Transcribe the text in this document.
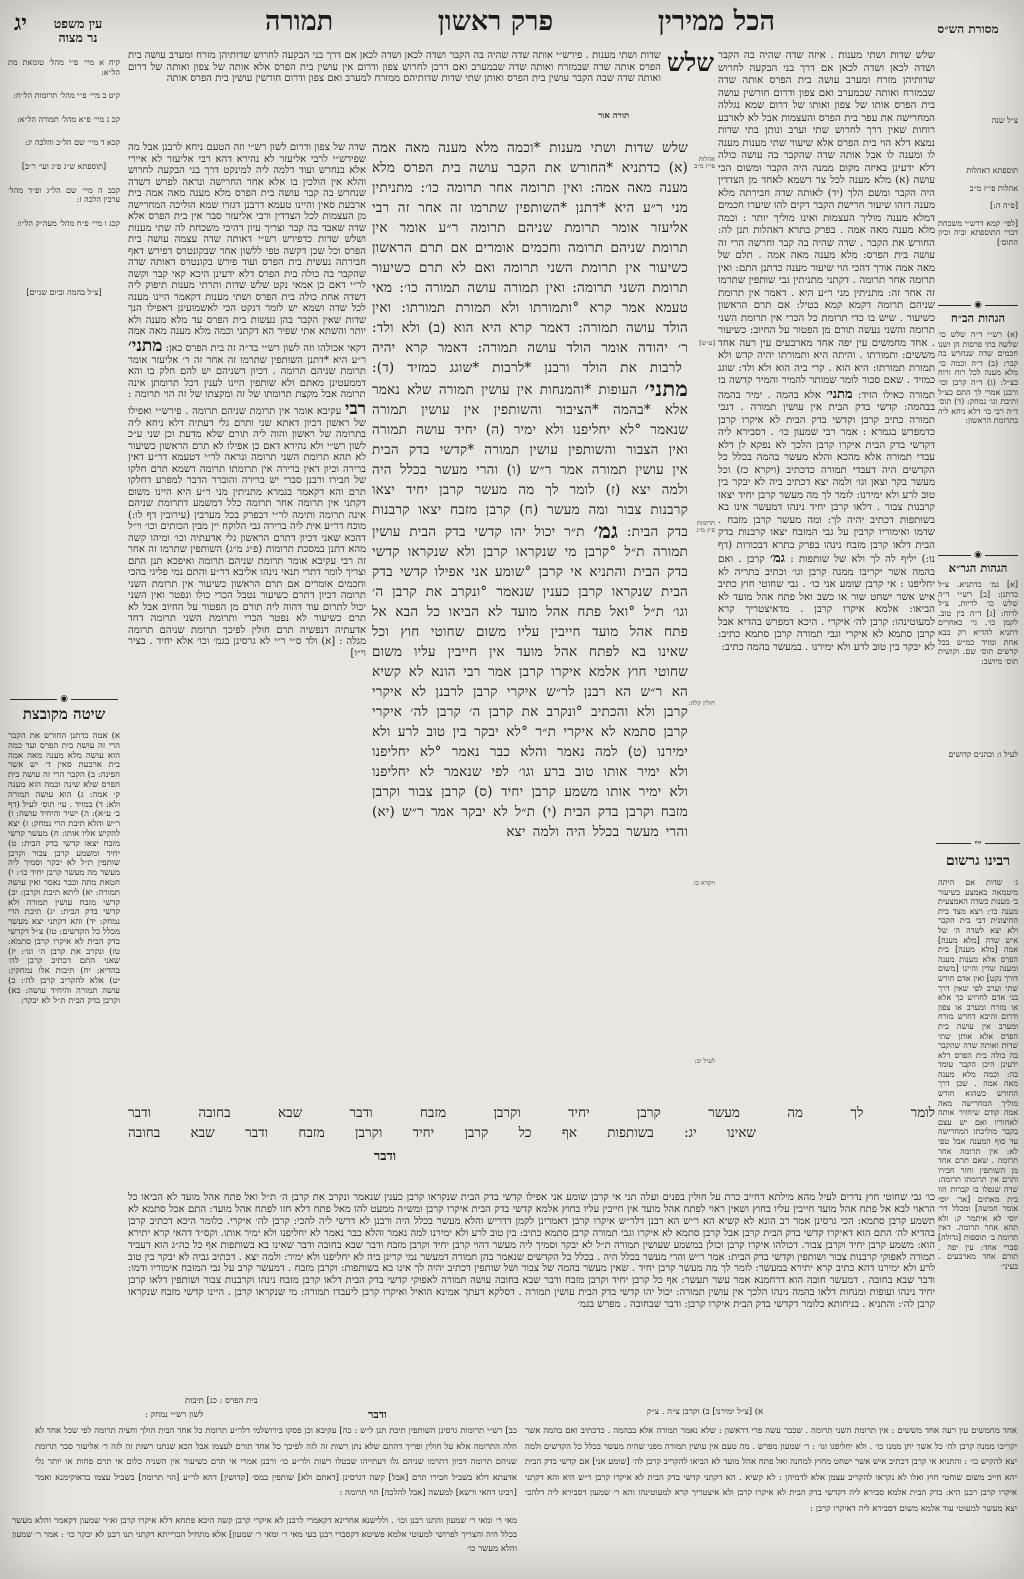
יג	עין משפט
נר מצוה
הכל ממירין
פרק ראשון
תמורה	מסורת הש״ס

קיח א מיי׳ פ״י מהל׳ טומאת מת הל״א:

קיט ב מיי׳ פ״י מהל׳ תרומות הל״ח:

קכ ג מיי׳ פ״א מהל׳ תמורה הל״א:

קכא ד מיי׳ שם הל״ב והלכה יג:

[תוספתא ש״ג פ״ג ועי׳ ר״ב]

קכב ה מיי׳ שם הל״ג ופ״ד מהל׳ ערכין הלכה ז:

קכג ו מיי׳ פ״ח מהל׳ מעה״ק הל״ו:

[צ״ל בהמה וביום שניים]

◉
שיטה מקובצת
א) אמה כדתנן החורש את הקבר הרי זה עושה בית הפרס ועד כמה הוא עושה מלא מענה מאה אמה בית ארבעת סאין ד׳ יש אשר הפינה: ב) הקבר הרי זה עושה בית הפרס שלא שינה וכמה הוא מענה ק׳ אמה: ג) הוא עושה תמורה ולא: ד) במזיד . עי׳ תוס׳ לעיל (דף ב׳ ע״א): ה) ישיר והיחיד עושה: ו) ר״ש והלא תיבת הרי נמחק: ז) יצא להקיש אליו אותו: ח) מעשר קדשי מזבח יצאו קדשי בדק הבית: ט) יחיד ומשמע קרבן צבור וקרבן שותפין ת״ל לא יבקר וסמיך ליה מעשר מה מעשר קרבן יחיד כו׳: י) חטאת מתה וכבר נאסר ואין עושה תמורה: יא) ליתא תיבת וקרבן: יב) קדשי מזבח עושין תמורה ולא קדשי בדק הבית: יג) תיבת הרי נמחק: יד) והא דקתני יצא מעשר מכלל כל הקדשים: טו) צ״ל דקדשי בדק הבית לא איקרו קרבן סתמא: טז) ונקרב את קרבן ה׳ וגו׳: יז) שאני התם דכתיב קרבן לה׳ בהדיא: יח) תיבות אלו נמחקין: יט) אלא להקריב קרבן לה׳: כ) עושה תמורה והיחיד עושה: כא) וקרבן בדק הבית ת״ל לא יבקר:
שלש
שדות ושתי מענות . פירש״י אותה שדה שהיה בה הקבר ושדה לכאן ושדה לכאן אם דרך בני הבקעה לחרוש שדותיהן מזרח ומערב עושה בית הפרס אותה שדה שבמזרח ואותה שדה שבמערב ואם דרכן לחרוש צפון ודרום אין עושין בית הפרס אלא אותה של צפון ואותה של דרום ואותה שדה שבה הקבר עושין בית הפרס ואותן שתי שדות שדותיהם ממזרח למערב ואם צפון ודרום חורשין עושין בית הפרס אותה
תורה אור
שדה של צפון ודרום לשון רש״י וזה הטעם ניחא לרבנן אבל מה שפירש״י לרבי אליעזר לא נהירא דהא רבי אליעזר לא איירי אלא בנחרש ועוד דלמה ליה למינקט דרך בני הבקעה לחרוש והלא אין הולכין בו אלא אחר החרישה ונראה לפרש דשדה שנחרש בה קבר עושה בית הפרס מלא מענה מאה אמה בית ארבעת סאין והיינו טעמא דרבנן דגזרו שמא הוליכה המחרישה מן העצמות לכל הצדדין ורבי אליעזר סבר אין בית הפרס אלא שדה שאבד בה קבר וצריך עיון דהיכי משכחת לה שתי מענות ושלש שדות כדפירש רש״י דאותה שדה עצמה עושה בית הפרס וכל שכן דקשה טפי ללשון אחר שבקונטרס דפירש דאף חבירתה נעשית בית הפרס ועוד פירש בקונטרס דאותה שדה שהקבר בה כולה בית הפרס דלא ידעינן היכא קאי קבר וקשה לר״י דאם כן אמאי נקט שלש שדות ותרתי מענות תיפוק ליה דשדה אחת כולה בית הפרס ושתי מענות דקאמר היינו מענה לכל שדה ושמא יש לומר דנקט הכי לאשמועינן דאפילו הנך שדות שאין הקבר בהן נעשות בית הפרס עד מלא מענה ולא יותר והשתא אתי שפיר הא דקתני וכמה מלא מענה מאה אמה דקאי אכולהו וזה לשון רש״י בד״ה זה בית הפרס כאן: מתני׳ ר״ע היא *דתנן השותפין שתרמו זה אחר זה ר׳ אליעזר אומר תרומת שניהם תרומה . דכיון דשניהם יש להם חלק בו והא דממעטינן מאתם ולא שותפין היינו לענין דכל תרומתן אינה תרומה אבל מקצת תרומתו של זה ומקצתו של זה הוי תרומה : רבי עקיבא אומר אין תרומת שניהם תרומה . פירש״י ואפילו של ראשון דכיון דאתא שני ותרם גלי דעתיה דלא ניחא ליה בתרומה של ראשון והוה ליה תורם שלא מדעת וכן שני ע״כ לשון רש״י ולא נהירא דאם כן אפילו לא תרם הראשון כשיעור לא תהא תרומת השני תרומה ונראה לר״י דטעמא דר״ע דאין ברירה וכיון דאין ברירה אין תרומתו תרומה דשמא תרם חלקו של חבירו ורבנן סברי יש ברירה והוברר הדבר למפרע דחלקו תרם והא דקאמר בגמרא מתניתין מני ר״ע היא היינו משום דקתני אין תרומה אחר תרומה כלל דמשמע דתרומת שניהם אינה תרומה ותימה לר״י דבפרק בכל מערבין (עירובין דף לו:) מוכח דר״ע אית ליה ברירה גבי הלוקח יין מבין הכותים וכו׳ וי״ל דהכא שאני דכיון דתרם הראשון גלי אדעתיה וכו׳ ומיהו קשה מהא דתנן במסכת תרומות (פ״ג מ״ג) השותפין שתרמו זה אחר זה רבי עקיבא אומר תרומת שניהם תרומה ואיפכא תנן התם וצריך לומר דתרי תנאי נינהו אליבא דר״ע והתם נמי פליגי בהכי וחכמים אומרים אם תרם הראשון כשיעור אין תרומת השני תרומה דכיון דתרם כשיעור נטבל הכרי כולו ונפטר ואין השני יכול לתרום עוד דהוה ליה תורם מן הפטור על החיוב אבל לא תרם כשיעור לא נפטר הכרי ותרומת השני תרומה דחד אדעתיה דנפשיה תרם חולין לפיכך תרומת שניהם תרומה מגלה : [א) ולד ס״י ר״י לא גרסינן בגמ׳ וכו׳ אלא יחיד . בציר וי״ו]
שלש שדות ושתי מענות *וכמה מלא מענה מאה אמה (א) כדתניא *החורש את הקבר עושה בית הפרס מלא מענה מאה אמה: ואין תרומה אחר תרומה כו׳: מתניתין מני ר״ע היא *דתנן *השותפין שתרמו זה אחר זה רבי אליעזר אומר תרומת שניהם תרומה ר״ע אומר אין תרומת שניהם תרומה וחכמים אומרים אם תרם הראשון כשיעור אין תרומת השני תרומה ואם לא תרם כשיעור תרומת השני תרומה: ואין תמורה עושה תמורה כו׳: מאי טעמא אמר קרא °ותמורתו ולא תמורת תמורתו: ואין הולד עושה תמורה: דאמר קרא היא הוא (ב) ולא ולד: ר׳ יהודה אומר הולד עושה תמורה: דאמר קרא יהיה לרבות את הולד ורבנן *לרבות *שוגג כמזיד (ד): מתני׳ העופות *והמנחות אין עושין תמורה שלא נאמר אלא *בהמה *הציבור והשותפין אין עושין תמורה שנאמר °לא יחליפנו ולא ימיר (ה) יחיד עושה תמורה ואין הצבור והשותפין עושין תמורה *קדשי בדק הבית אין עושין תמורה אמר ר״ש (ו) והרי מעשר בכלל היה ולמה יצא (ז) לומר לך מה מעשר קרבן יחיד יצאו קרבנות צבור ומה מעשר (ח) קרבן מזבח יצאו קרבנות בדק הבית: גמ׳ ת״ר יכול יהו קדשי בדק הבית עושין תמורה ת״ל °קרבן מי שנקראו קרבן ולא שנקראו קדשי בדק הבית והתניא אי קרבן °שומע אני אפילו קדשי בדק הבית שנקראו קרבן כענין שנאמר °ונקרב את קרבן ה׳ וגו׳ ת״ל °ואל פתח אהל מועד לא הביאו כל הבא אל פתח אהל מועד חייבין עליו משום שחוטי חוץ וכל שאינו בא לפתח אהל מועד אין חייבין עליו משום שחוטי חוץ אלמא איקרו קרבן אמר רבי הונא לא קשיא הא ר״ש הא רבנן לר״ש איקרי קרבן לרבנן לא איקרי קרבן ולא והכתיב °ונקרב את קרבן ה׳ קרבן לה׳ איקרי קרבן סתמא לא איקרי ת״ר °לא יבקר בין טוב לרע ולא ימירנו (ט) למה נאמר והלא כבר נאמר °לא יחליפנו ולא ימיר אותו טוב ברע וגו׳ לפי שנאמר לא יחליפנו ולא ימיר אותו משמע קרבן יחיד (ס) קרבן צבור וקרבן מזבח וקרבן בדק הבית (י) ת״ל לא יבקר אמר ר״ש (יא) והרי מעשר בכלל היה ולמה יצא
לומר לך מה מעשר קרבן יחיד וקרבן מזבח ודבר שבא בחובה ודבר
שאינו יג: בשותפות אף כל קרבן יחיד וקרבן מזבח ודבר שבא בחובה
ודבר
אהלות פי״ז מ״ב
[ע״ש]
תרומות פ״ג מ״ג
חולין קלה:
ויקרא כז
לעיל יב:
שלש שדות ושתי מענות . איזה שדה שהיה בה הקבר ושדה לכאן ושדה לכאן אם דרך בני הבקעה לחרוש שדותיהן מזרח ומערב עושה בית הפרס אותה שדה שבמזרח ואותה שבמערב ואם צפון ודרום חורשין עושה בית הפרס אותו של צפון ואותו של דרום שמא נגללה המחרישה את עפר בית הפרס והעצמות אבל לא לארבע רוחות שאין דרך לחרוש שתי וערב ונותן בתי שדות נמצא דלא הוי בית הפרס אלא שיעור שתי מענות מענה לו ומענה לו אבל אותה שדה שהקבר בה עושה כולה דלא ידעינן באיזה מקום ממנה היה הקבר ומשום הכי עושה (א) מלא מענה לכל צד דשמא לאחד מן הצדדין היה הקבר ומשם הלך (יד) לאותה שדה חבירתה מלא מענה דזהו שיעור חרישת הקבר דקים להו שיערו חכמים דמלא מענה מוליך העצמות ואינו מוליך יותר : וכמה מלא מענה מאה אמה . בפרק בתרא דאהלות תנן לה: החורש את הקבר . שדה שהיה בה קבר וחרשה הרי זה עושה בית הפרס: מלא מענה מאה אמה . תלם של מאה אמה אורך דהכי הוי שיעור מענה כדתנן התם: ואין תרומה אחר תרומה . דקתני מתניתין גבי שותפין שתרמו זה אחר זה: מתניתין מני ר״ע היא . דאמר אין תרומת שניהם תרומה דקמא קמא בטיל: אם תרם הראשון כשיעור . שיש בו כדי תרומת כל הכרי אין תרומת השני תרומה והשני נעשה תורם מן הפטור על החיוב: כשיעור . אחד מחמשים עין יפה אחד מארבעים עין רעה אחד מששים: ותמורתו . והיתה היא ותמורתו יהיה קדש ולא תמורת תמורתו: היא הוא . קרי ביה הוא ולא ולד: שוגג כמזיד . שאם סבור לומר שמותר להמיר והמיר קדשה בו תמורה כאילו הזיד: מתני׳ אלא בהמה . ימיר בהמה בבהמה: קדשי בדק הבית אין עושין תמורה . דגבי תמורה כתיב קרבן וקדשי בדק הבית לא איקרו קרבן כדמפרש בגמרא : אמר רבי שמעון כו׳ . דסבירא ליה דקדשי בדק הבית איקרו קרבן הלכך לא נפקא לן דלא עבדי תמורה אלא מהכא והלא מעשר בהמה בכלל כל הקדשים היה דעבדי תמורה כדכתיב (ויקרא כז) וכל מעשר בקר וצאן וגו׳ ולמה יצא דכתיב ביה לא יבקר בין טוב לרע ולא ימירנו: לומר לך מה מעשר קרבן יחיד יצאו קרבנות צבור . דלאו קרבן יחיד נינהו דמעשר אינו בא בשותפות דכתיב יהיה לך: ומה מעשר קרבן מזבח . שדמו ואימוריו קרבין על גבי המזבח יצאו קרבנות בדק הבית דלאו קרבן מזבח נינהו בפרק בתרא דבכורות (דף נו:) יליף לה לך ולא של שותפות : גמ׳ קרבן . ואם בהמה אשר יקריבו ממנה קרבן וגו׳ וכתיב בתריה לא יחליפנו : אי קרבן שומע אני כו׳ . גבי שחוטי חוץ כתיב איש אשר ישחט שור או כשב ואל פתח אהל מועד לא הביאו: אלמא איקרו קרבן . מדאיצטריך קרא למעוטינהו: קרבן לה׳ איקרי . היכא דמפרש בהדיא אבל קרבן סתמא לא איקרי וגבי תמורה קרבן סתמא כתיב: לא יבקר בין טוב לרע ולא ימירנו . במעשר בהמה כתיב:
צ״ל שנה

תוספתא דאהלות

אהלות פי״ז מ״ב

[פ״ה ה:]

[לפי׳ קמא דרש״י משכחת דברי התוספתא וביה וכיון התוס׳]

◉
הגהות הב״ח
(א) רש״י ד״ה שלש כו׳ שלשה בתי פרסות הן ושנו חכמים שדה שנחרש בה קבר: (ב) ד״ה וכמה כו׳ מלא מענה לכל רוח ורוח כצ״ל: (ג) ד״ה קרבן וכו׳ ורבנן אמרי לך התם כצ״ל ותיבת וגו׳ נמחק: (ד) תוס׳ ד״ה רבי כו׳ דלא ניחא ליה בתרומת הראשון:
◉
הגהות הגר״א
[א] גמ׳ כדתניא. צ״ל כדתנן: [ב] רש״י ד״ה שלש כו׳ לריות. צ״ל לרוח: [ג] ד״ה בין טוב. לקמן כו׳. גי׳ כאחרים דתניא להדיא רק בבא אחת ומזיד כמ״ש בכל קדשים תוס׳ שם. וקושית תוס׳ מיושב:
לעיל ו: וכהנים קדושים
∾
רבינו גרשום
ג׳ שדות אם היתה מיטמאה באמצע כשיעור ב׳ מענות כשדה האמצעית מענה כו׳: ויצא מצד בית החיצונית דבי בית הקבר ולא יצא לשדה ה׳ של איש שדה [מלא מענה] אמה [מלא מענה] בית הפרס אלא מענות מענה ומענה שדין והיינו [משום דורך נקט] ואין אדם חורש שתי וערב לפי שאין דרך בני אדם לחרוש כך אלא או מזרח ומערב או צפון ודרום והיכא דחרש מזרח ומערב אין עושה בית הפרס אלא אותן שתי שדות ואותה שדה שהקבר בה כולה בית הפרס דלא ידעינן היכן הקבר עומד בה: וכמה מלא מענה מאה אמה . שכן דרך החורש כשהוא חורש מוליך המחרישה מאה אמה קודם שיחזיר אותה לאחוריו ואם יש עצם בקבר מוליכתו המחרישה עד סוף המענה אבל טפי לא: אין תרומה אחר תרומה . שאם תרם אחד מן השותפין וחזר חבירו ותרם אין תרומתו תרומה: שדה שנפלו בו קברות הוו בית מאתים [אר׳ יוסי אומר חמשה] ומכלל דר׳ יוסי לא איתמר ק: ולא תהא אחר תרומה. דאין תרומה ב׳ תוספות [גדולה] סברי אחד: עין יפה . תורם אחד מארבעים . בעיני׳
כו׳ גבי שחוטי חוץ נדרים לעיל מהא מילתא דחייב כרת על חולין בפנים ועלה תני אי קרבן שומע אני אפילו קדשי בדק הבית שנקראו קרבן כענין שנאמר ונקרב את קרבן ה׳ ת״ל ואל פתח אהל מועד לא הביאו כל הראוי לבא אל פתח אהל מועד חייבין עליו בחוץ ושאין ראוי לפתח אהל מועד אין חייבין עליו בחוץ אלמא קדשי בדק הבית איקרו קרבן ומש״ה ממעט להו מאל פתח דלא חזו לפתח אהל מועד: התם אכל סתמא לא תשמע קרבן סתמא: הכי גרסינן אמר רב הונא לא קשיא הא ר״ש הא רבנן דלר״ש איקרו קרבן דאמרינן לקמן דדריש והלא מעשר בכלל היה ורבנן לא דרשי ליה להכי: קרבן לה׳ איקרי. כלומר היכא דכתיב קרבן בהדיא לה׳ התם הוא דאיקרו קדשי בדק הבית קרבן אבל קרבן סתמא לא איקרו וגבי תמורה קרבן סתמא כתיב: בין טוב לרע ולא ימירנו למה נאמר והלא כבר נאמר לא יחליפנו ולא ימיר אותו. וקס״ד דהאי קרא יתירא הוא: משמע קרבן יחיד וקרבן צבור. דכולהו איקרו קרבן וכולן במשמע שעושין תמורה ת״ל לא יבקר וסמיך ליה מעשר דהוי קרבן יחיד וקרבן מזבח ודבר שבא בחובה ודבר שאינו בא בשותפות אף כל כה״ג הוא דעביד תמורה לאפוקי קרבנות צבור ושותפין וקדשי בדק הבית: אמר ר״ש והרי מעשר בכלל היה . בכלל כל הקדשים שנאמר בהן תמורה דמעשר נמי קרינן ביה לא יחליפנו ולא ימיר: ולמה יצא . דכתיב גביה לא יבקר בין טוב לרע ולא ימירנו דהא כתיב קרא יתירא במעשר: לומר לך מה מעשר קרבן יחיד . שאין מעשר בהמה של צבור ושל שותפין דכתיב יהיה לך אינו בא בשותפות: וקרבן מזבח . דמעשר קרב על גבי המזבח אימוריו ודמו: ודבר שבא בחובה . דמעשר חובה הוא דרחמנא אמר עשר תעשר: אף כל קרבן יחיד וקרבן מזבח ודבר שבא בחובה עושה תמורה לאפוקי קדשי בדק הבית דלאו קרבן מזבח נינהו וקרבנות צבור ושותפין דלאו קרבן יחיד נינהו ועופות ומנחות דלאו בהמה נינהו הלכך אין עושין תמורה: יכול יהו קדשי בדק הבית עושין תמורה . דסלקא דעתך אמינא הואיל ואיקרו קרבן ליעבדו תמורה: מי שנקראו קרבן . היינו קדשי מזבח שנקראו קרבן לה׳: והתניא . בניחותא כלומר דקדשי בדק הבית איקרו קרבן: ודבר שבחובה . מפרש בגמ׳
בית הפרס : כג] תיבות
לשון רש״י נמחק :	ודבר	א) [צ״ל ימירנו] ב) וקרבן צ״ה . צ״ק
כב] רש״י תרומות גרסינן השותפין תיבת תנן ל״ש : כה] עקיבא וכן פסקו בירושלמי דלר״ע תרומת כל אחד הבית הולך וחציה תרומה לפי שכל אחד לא חלה התרומה אלא על חולין ופריך דהתם שלא נתן רשות זה לזה לפיכך כל אחד תורם לעצמו אבל הכא שנתנו רשות זה לזה ר׳ אליעזר סבר תרומת שניהם תרומה דכיון דתרמו שניהם גלו דעתייהו שבטלו רשות ולר״ע כו׳ ורבנן אמרי אי תרם כשיעור אין השניה כלום אי תרם פחות או יותר גלי אדעתא דלא בשביל חבירו תרם [אבל] קשה דגרסינן [דאתם ולא] שותפין במס׳ [קדושין] דהא לר״ע [הוי תרומה] בשביל עצמו כדאוקימנא ואמר [רבינו דהאי ורשא] למעשה [אבל להלכה] הוי תרומה :
אחד מחמשים עין רעה אחד מששים : אין תרומת השני תרומה . שכבר עשה פרי דראשון : שלא נאמר תמורה אלא בבהמה . כדכתיב ואם בהמה אשר יקריבו ממנה קרבן לה׳ כל אשר יתן ממנו כו׳ . ולא יחליפנו וגו׳ : ר׳ שמעון מפרש . מה טעם אין עושין תמורה מפני שהיה מעשר בכלל כל הקדשים ולמה יצא להקיש כו׳ : והתניא אי קרבן דכתיב איש אשר ישחט מחוץ למחנה ואל פתח אהל מועד לא הביאו להקריב קרבן לה׳ [שומע אני] אם קדשי בדק הבית יהא חייב משום שוחטי חוץ ואלו לא נקראו להקריב עצמן אלא לדמיהן : לא קשיא . הא דקתני קדשי בדק הבית לא איקרו קרבן ר״ש היא והא דקתני איקרו קרבן רבנן היא: בדק הבית אלמא סבירא ליה דקדשי בדק הבית לא איקרו קרבן ולא איצטריך קרא למעוטינהו והא ר׳ שמעון דסבירא ליה דלהכי יצא מעשר למעוטי עוד אלמא משום דסבירא ליה דאיקרו קרבן :
מאי ר׳ ומאי ר׳ שמעון והתנו רבנן וכו׳ . וללישנא אחרינא דקאמרי לרבנן לא איקרי קרבן קשה היכא פתחא דלא איקרו קרבן וא״ר שמעון דקאמר והלא מעשר בכלל היה והצריך לפרושי למעוטי אלמא פשיטא דקסברי רבנן בעי מאי ר׳ ומאי ר׳ שמעון] אלא מתחיל הברייתא דקתני תנו רבנן לא יבקר כו׳ : אמר ר׳ שמעון והלא מעשר כו׳
